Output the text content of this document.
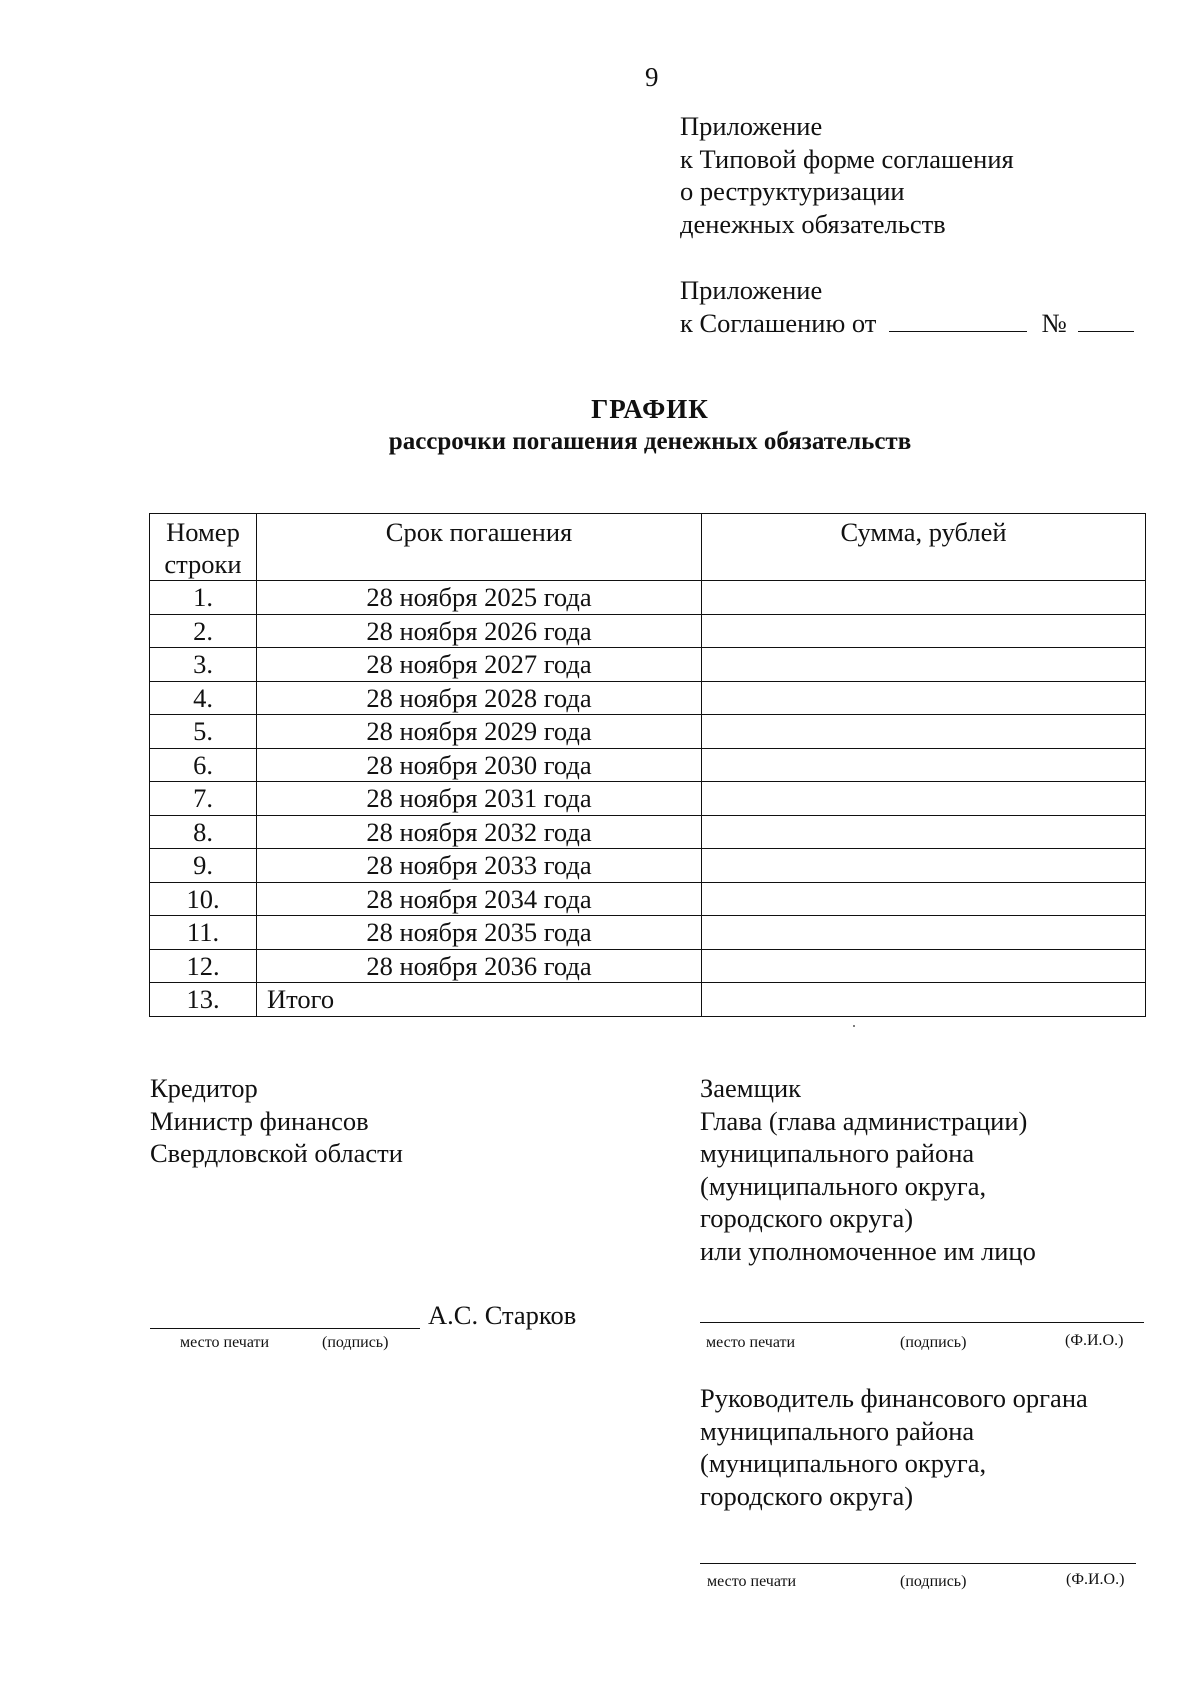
9
Приложение
к Типовой форме соглашения
о реструктуризации
денежных обязательств
Приложение
к Соглашению от	№
ГРАФИК
рассрочки погашения денежных обязательств
Номер
строки	Срок погашения	Сумма, рублей
1.	28 ноября 2025 года	
2.	28 ноября 2026 года	
3.	28 ноября 2027 года	
4.	28 ноября 2028 года	
5.	28 ноября 2029 года	
6.	28 ноября 2030 года	
7.	28 ноября 2031 года	
8.	28 ноября 2032 года	
9.	28 ноября 2033 года	
10.	28 ноября 2034 года	
11.	28 ноября 2035 года	
12.	28 ноября 2036 года	
13.	Итого	
Кредитор
Министр финансов
Свердловской области
А.С. Старков
место печати	(подпись)
Заемщик
Глава (глава администрации)
муниципального района
(муниципального округа,
городского округа)
или уполномоченное им лицо
место печати	(подпись)	(Ф.И.О.)
Руководитель финансового органа
муниципального района
(муниципального округа,
городского округа)
место печати	(подпись)	(Ф.И.О.)
